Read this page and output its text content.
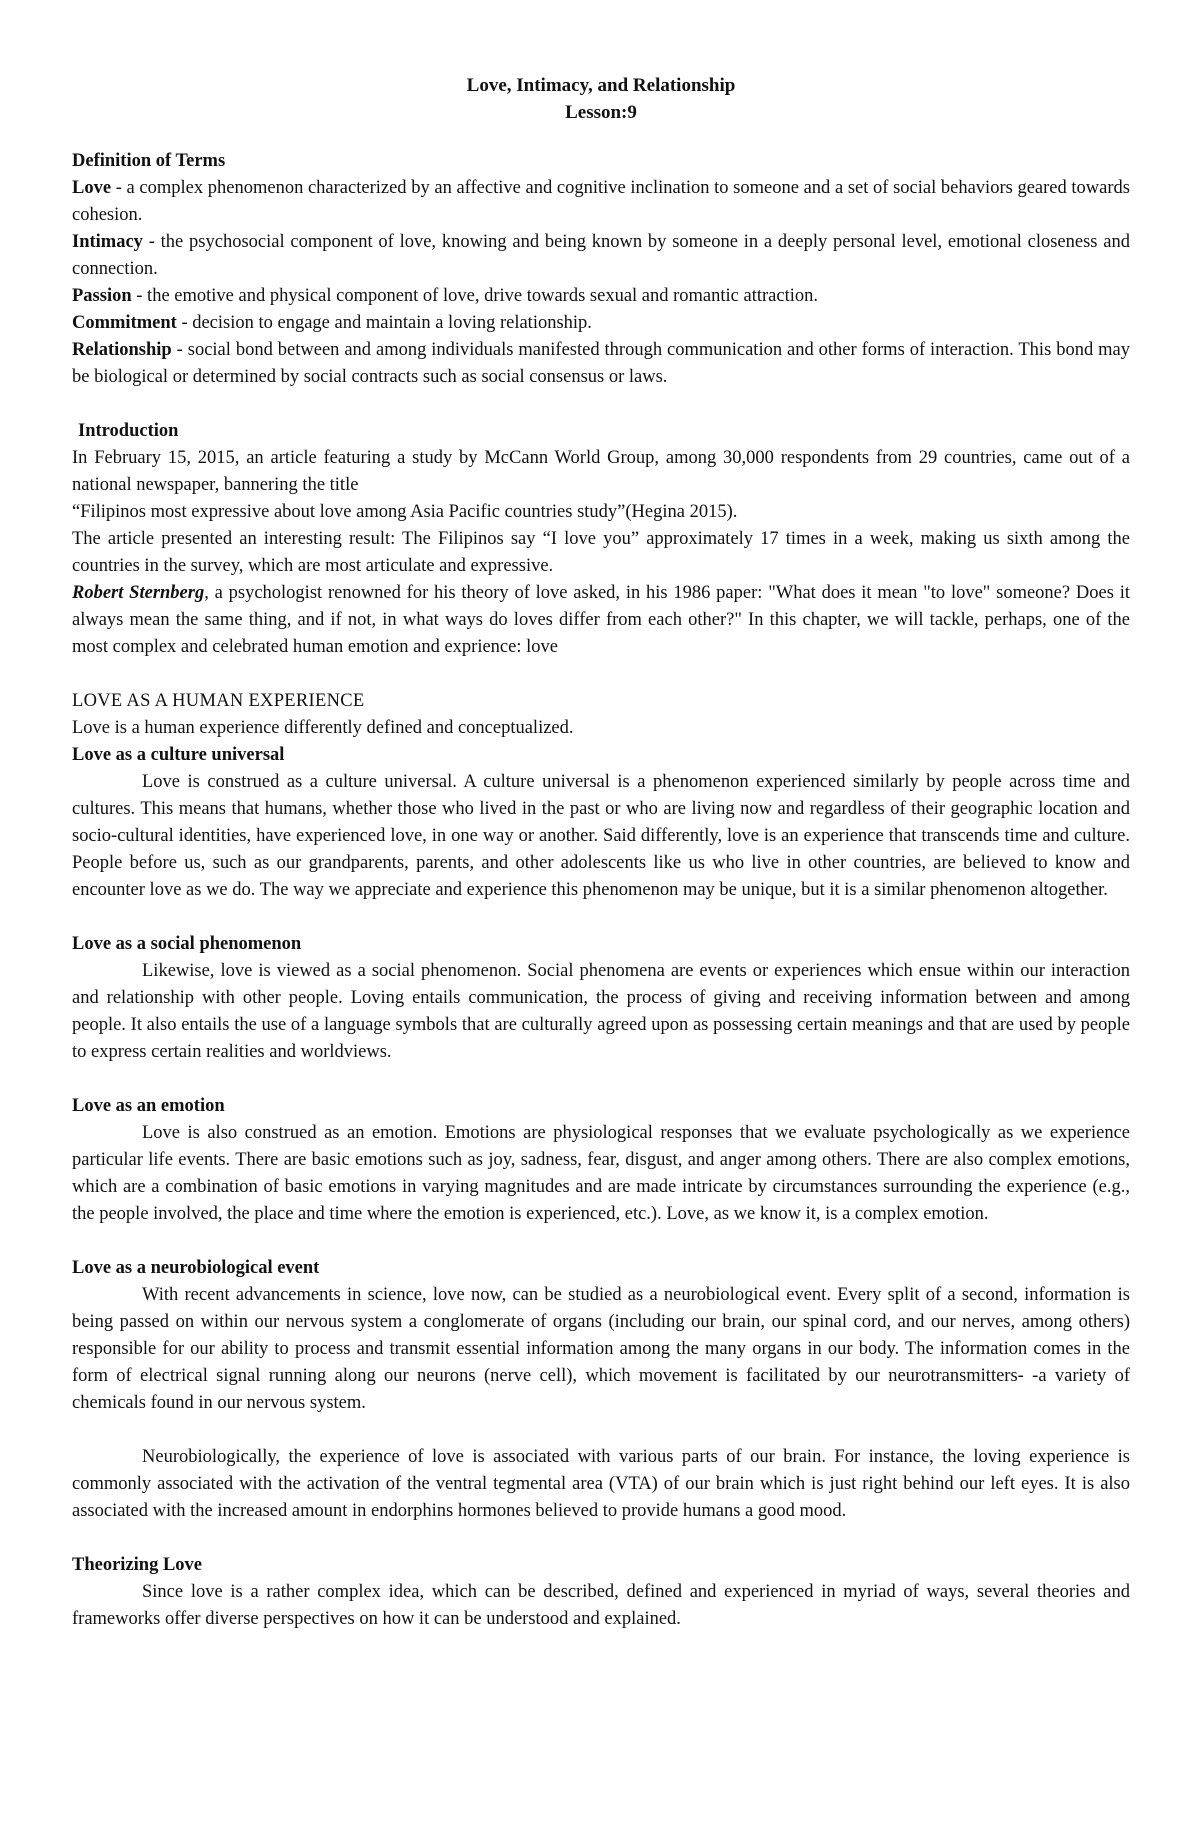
Love, Intimacy, and Relationship
Lesson:9
Definition of Terms

Love - a complex phenomenon characterized by an affective and cognitive inclination to someone and a set of social behaviors geared towards cohesion.

Intimacy - the psychosocial component of love, knowing and being known by someone in a deeply personal level, emotional closeness and connection.

Passion - the emotive and physical component of love, drive towards sexual and romantic attraction.

Commitment - decision to engage and maintain a loving relationship.

Relationship - social bond between and among individuals manifested through communication and other forms of interaction. This bond may be biological or determined by social contracts such as social consensus or laws.

Introduction

In February 15, 2015, an article featuring a study by McCann World Group, among 30,000 respondents from 29 countries, came out of a national newspaper, bannering the title

“Filipinos most expressive about love among Asia Pacific countries study”(Hegina 2015).

The article presented an interesting result: The Filipinos say “I love you” approximately 17 times in a week, making us sixth among the countries in the survey, which are most articulate and expressive.

Robert Sternberg, a psychologist renowned for his theory of love asked, in his 1986 paper: "What does it mean "to love" someone? Does it always mean the same thing, and if not, in what ways do loves differ from each other?" In this chapter, we will tackle, perhaps, one of the most complex and celebrated human emotion and exprience: love

LOVE AS A HUMAN EXPERIENCE

Love is a human experience differently defined and conceptualized.

Love as a culture universal

Love is construed as a culture universal. A culture universal is a phenomenon experienced similarly by people across time and cultures. This means that humans, whether those who lived in the past or who are living now and regardless of their geographic location and socio-cultural identities, have experienced love, in one way or another. Said differently, love is an experience that transcends time and culture. People before us, such as our grandparents, parents, and other adolescents like us who live in other countries, are believed to know and encounter love as we do. The way we appreciate and experience this phenomenon may be unique, but it is a similar phenomenon altogether.

Love as a social phenomenon

Likewise, love is viewed as a social phenomenon. Social phenomena are events or experiences which ensue within our interaction and relationship with other people. Loving entails communication, the process of giving and receiving information between and among people. It also entails the use of a language symbols that are culturally agreed upon as possessing certain meanings and that are used by people to express certain realities and worldviews.

Love as an emotion

Love is also construed as an emotion. Emotions are physiological responses that we evaluate psychologically as we experience particular life events. There are basic emotions such as joy, sadness, fear, disgust, and anger among others. There are also complex emotions, which are a combination of basic emotions in varying magnitudes and are made intricate by circumstances surrounding the experience (e.g., the people involved, the place and time where the emotion is experienced, etc.). Love, as we know it, is a complex emotion.

Love as a neurobiological event

With recent advancements in science, love now, can be studied as a neurobiological event. Every split of a second, information is being passed on within our nervous system a conglomerate of organs (including our brain, our spinal cord, and our nerves, among others) responsible for our ability to process and transmit essential information among the many organs in our body. The information comes in the form of electrical signal running along our neurons (nerve cell), which movement is facilitated by our neurotransmitters- -a variety of chemicals found in our nervous system.

Neurobiologically, the experience of love is associated with various parts of our brain. For instance, the loving experience is commonly associated with the activation of the ventral tegmental area (VTA) of our brain which is just right behind our left eyes. It is also associated with the increased amount in endorphins hormones believed to provide humans a good mood.

Theorizing Love

Since love is a rather complex idea, which can be described, defined and experienced in myriad of ways, several theories and frameworks offer diverse perspectives on how it can be understood and explained.
